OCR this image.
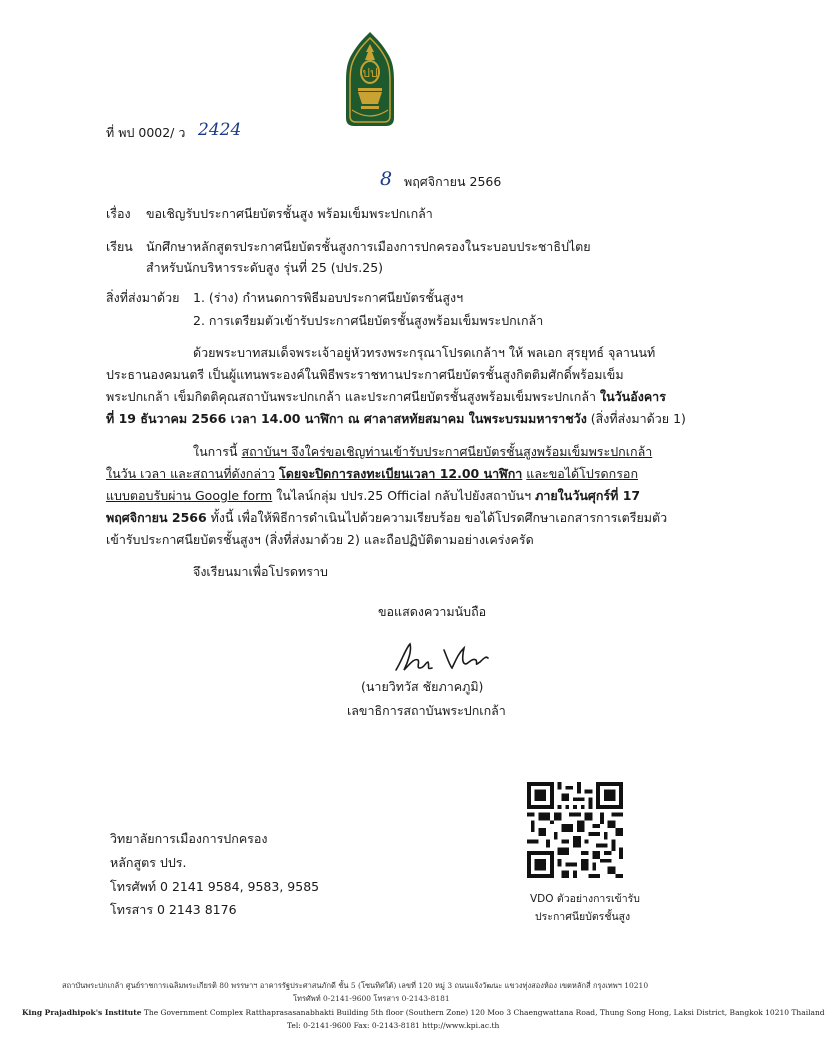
ปป
ที่ พป 0002/ ว 2424
8 พฤศจิกายน 2566
เรื่อง ขอเชิญรับประกาศนียบัตรชั้นสูง พร้อมเข็มพระปกเกล้า
เรียน นักศึกษาหลักสูตรประกาศนียบัตรชั้นสูงการเมืองการปกครองในระบอบประชาธิปไตย
สำหรับนักบริหารระดับสูง รุ่นที่ 25 (ปปร.25)
สิ่งที่ส่งมาด้วย 1. (ร่าง) กำหนดการพิธีมอบประกาศนียบัตรชั้นสูงฯ
2. การเตรียมตัวเข้ารับประกาศนียบัตรชั้นสูงพร้อมเข็มพระปกเกล้า
ด้วยพระบาทสมเด็จพระเจ้าอยู่หัวทรงพระกรุณาโปรดเกล้าฯ ให้ พลเอก สุรยุทธ์ จุลานนท์
ประธานองคมนตรี เป็นผู้แทนพระองค์ในพิธีพระราชทานประกาศนียบัตรชั้นสูงกิตติมศักดิ์พร้อมเข็ม
พระปกเกล้า เข็มกิตติคุณสถาบันพระปกเกล้า และประกาศนียบัตรชั้นสูงพร้อมเข็มพระปกเกล้า ในวันอังคาร
ที่ 19 ธันวาคม 2566 เวลา 14.00 นาฬิกา ณ ศาลาสหทัยสมาคม ในพระบรมมหาราชวัง (สิ่งที่ส่งมาด้วย 1)
ในการนี้ สถาบันฯ จึงใคร่ขอเชิญท่านเข้ารับประกาศนียบัตรชั้นสูงพร้อมเข็มพระปกเกล้า
ในวัน เวลา และสถานที่ดังกล่าว โดยจะปิดการลงทะเบียนเวลา 12.00 นาฬิกา และขอได้โปรดกรอก
แบบตอบรับผ่าน Google form ในไลน์กลุ่ม ปปร.25 Official กลับไปยังสถาบันฯ ภายในวันศุกร์ที่ 17
พฤศจิกายน 2566 ทั้งนี้ เพื่อให้พิธีการดำเนินไปด้วยความเรียบร้อย ขอได้โปรดศึกษาเอกสารการเตรียมตัว
เข้ารับประกาศนียบัตรชั้นสูงฯ (สิ่งที่ส่งมาด้วย 2) และถือปฏิบัติตามอย่างเคร่งครัด
จึงเรียนมาเพื่อโปรดทราบ
ขอแสดงความนับถือ
(นายวิทวัส ชัยภาคภูมิ)
เลขาธิการสถาบันพระปกเกล้า
VDO ตัวอย่างการเข้ารับ
ประกาศนียบัตรชั้นสูง
วิทยาลัยการเมืองการปกครอง
หลักสูตร ปปร.
โทรศัพท์ 0 2141 9584, 9583, 9585
โทรสาร 0 2143 8176
สถาบันพระปกเกล้า ศูนย์ราชการเฉลิมพระเกียรติ 80 พรรษาฯ อาคารรัฐประศาสนภักดี ชั้น 5 (โซนทิศใต้) เลขที่ 120 หมู่ 3 ถนนแจ้งวัฒนะ แขวงทุ่งสองห้อง เขตหลักสี่ กรุงเทพฯ 10210
โทรศัพท์ 0-2141-9600 โทรสาร 0-2143-8181
King Prajadhipok's Institute The Government Complex Ratthaprasasanabhakti Building 5th floor (Southern Zone) 120 Moo 3 Chaengwattana Road, Thung Song Hong, Laksi District, Bangkok 10210 Thailand
Tel: 0-2141-9600 Fax: 0-2143-8181 http://www.kpi.ac.th
